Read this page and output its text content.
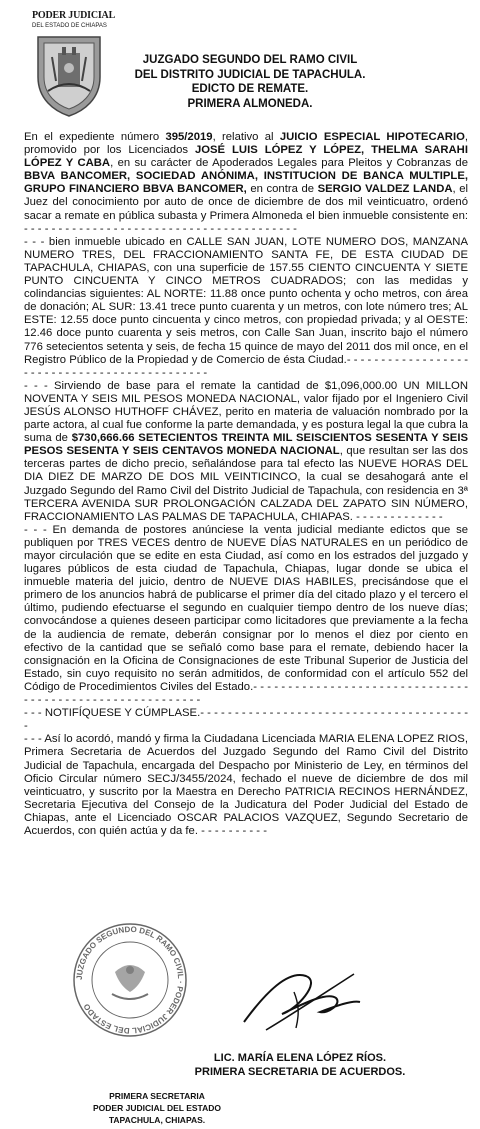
PODER JUDICIAL
DEL ESTADO DE CHIAPAS
JUZGADO SEGUNDO DEL RAMO CIVIL
DEL DISTRITO JUDICIAL DE TAPACHULA.
EDICTO DE REMATE.
PRIMERA ALMONEDA.

En el expediente número 395/2019, relativo al JUICIO ESPECIAL HIPOTECARIO, promovido por los Licenciados JOSÉ LUIS LÓPEZ Y LÓPEZ, THELMA SARAHI LÓPEZ Y CABA, en su carácter de Apoderados Legales para Pleitos y Cobranzas de BBVA BANCOMER, SOCIEDAD ANÓNIMA, INSTITUCION DE BANCA MULTIPLE, GRUPO FINANCIERO BBVA BANCOMER, en contra de SERGIO VALDEZ LANDA, el Juez del conocimiento por auto de once de diciembre de dos mil veinticuatro, ordenó sacar a remate en pública subasta y Primera Almoneda el bien inmueble consistente en: - - - - - - - - - - - - - - - - - - - - - - - - - - - - - - - - - - - - - - - -

- - - bien inmueble ubicado en CALLE SAN JUAN, LOTE NUMERO DOS, MANZANA NUMERO TRES, DEL FRACCIONAMIENTO SANTA FE, DE ESTA CIUDAD DE TAPACHULA, CHIAPAS, con una superficie de 157.55 CIENTO CINCUENTA Y SIETE PUNTO CINCUENTA Y CINCO METROS CUADRADOS; con las medidas y colindancias siguientes: AL NORTE: 11.88 once punto ochenta y ocho metros, con área de donación; AL SUR: 13.41 trece punto cuarenta y un metros, con lote número tres; AL ESTE: 12.55 doce punto cincuenta y cinco metros, con propiedad privada; y al OESTE: 12.46 doce punto cuarenta y seis metros, con Calle San Juan, inscrito bajo el número 776 setecientos setenta y seis, de fecha 15 quince de mayo del 2011 dos mil once, en el Registro Público de la Propiedad y de Comercio de ésta Ciudad.- - - - - - - - - - - - - - - - - - - - - - - - - - - - - - - - - - - - - - - - - - - - -

- - - Sirviendo de base para el remate la cantidad de $1,096,000.00 UN MILLON NOVENTA Y SEIS MIL PESOS MONEDA NACIONAL, valor fijado por el Ingeniero Civil JESÚS ALONSO HUTHOFF CHÁVEZ, perito en materia de valuación nombrado por la parte actora, al cual fue conforme la parte demandada, y es postura legal la que cubra la suma de $730,666.66 SETECIENTOS TREINTA MIL SEISCIENTOS SESENTA Y SEIS PESOS SESENTA Y SEIS CENTAVOS MONEDA NACIONAL, que resultan ser las dos terceras partes de dicho precio, señalándose para tal efecto las NUEVE HORAS DEL DIA DIEZ DE MARZO DE DOS MIL VEINTICINCO, la cual se desahogará ante el Juzgado Segundo del Ramo Civil del Distrito Judicial de Tapachula, con residencia en 3ª TERCERA AVENIDA SUR PROLONGACIÓN CALZADA DEL ZAPATO SIN NÚMERO, FRACCIONAMIENTO LAS PALMAS DE TAPACHULA, CHIAPAS. - - - - - - - - - - - - -

- - - En demanda de postores anúnciese la venta judicial mediante edictos que se publiquen por TRES VECES dentro de NUEVE DÍAS NATURALES en un periódico de mayor circulación que se edite en esta Ciudad, así como en los estrados del juzgado y lugares públicos de esta ciudad de Tapachula, Chiapas, lugar donde se ubica el inmueble materia del juicio, dentro de NUEVE DIAS HABILES, precisándose que el primero de los anuncios habrá de publicarse el primer día del citado plazo y el tercero el último, pudiendo efectuarse el segundo en cualquier tiempo dentro de los nueve días; convocándose a quienes deseen participar como licitadores que previamente a la fecha de la audiencia de remate, deberán consignar por lo menos el diez por ciento en efectivo de la cantidad que se señaló como base para el remate, debiendo hacer la consignación en la Oficina de Consignaciones de este Tribunal Superior de Justicia del Estado, sin cuyo requisito no serán admitidos, de conformidad con el artículo 552 del Código de Procedimientos Civiles del Estado.- - - - - - - - - - - - - - - - - - - - - - - - - - - - - - - - - - - - - - - - - - - - - - - - - - - - - - - - -

- - - NOTIFÍQUESE Y CÚMPLASE.- - - - - - - - - - - - - - - - - - - - - - - - - - - - - - - - - - - - - - - -

- - - Así lo acordó, mandó y firma la Ciudadana Licenciada MARIA ELENA LOPEZ RIOS, Primera Secretaria de Acuerdos del Juzgado Segundo del Ramo Civil del Distrito Judicial de Tapachula, encargada del Despacho por Ministerio de Ley, en términos del Oficio Circular número SECJ/3455/2024, fechado el nueve de diciembre de dos mil veinticuatro, y suscrito por la Maestra en Derecho PATRICIA RECINOS HERNÁNDEZ, Secretaria Ejecutiva del Consejo de la Judicatura del Poder Judicial del Estado de Chiapas, ante el Licenciado OSCAR PALACIOS VAZQUEZ, Segundo Secretario de Acuerdos, con quién actúa y da fe. - - - - - - - - - -

JUZGADO SEGUNDO DEL RAMO CIVIL · PODER JUDICIAL DEL ESTADO
LIC. MARÍA ELENA LÓPEZ RÍOS.
PRIMERA SECRETARIA DE ACUERDOS.
PRIMERA SECRETARIA
PODER JUDICIAL DEL ESTADO
TAPACHULA, CHIAPAS.
